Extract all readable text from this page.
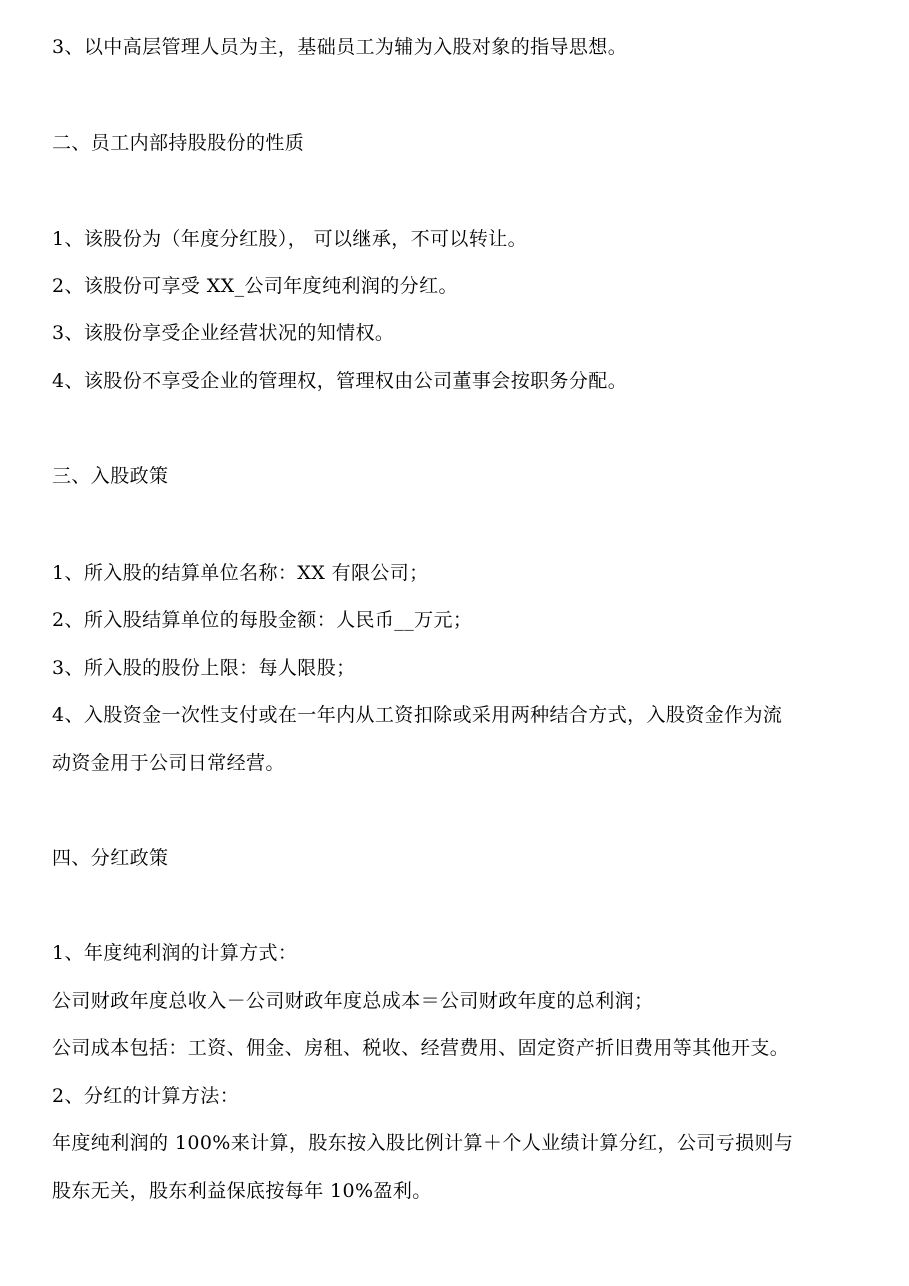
3、以中高层管理人员为主，基础员工为辅为入股对象的指导思想。
二、员工内部持股股份的性质
1、该股份为（年度分红股）， 可以继承，不可以转让。
2、该股份可享受 XX_公司年度纯利润的分红。
3、该股份享受企业经营状况的知情权。
4、该股份不享受企业的管理权，管理权由公司董事会按职务分配。
三、入股政策
1、所入股的结算单位名称：XX 有限公司；
2、所入股结算单位的每股金额：人民币__万元；
3、所入股的股份上限：每人限股；
4、入股资金一次性支付或在一年内从工资扣除或采用两种结合方式，入股资金作为流
动资金用于公司日常经营。
四、分红政策
1、年度纯利润的计算方式：
公司财政年度总收入－公司财政年度总成本＝公司财政年度的总利润；
公司成本包括：工资、佣金、房租、税收、经营费用、固定资产折旧费用等其他开支。
2、分红的计算方法：
年度纯利润的 100%来计算，股东按入股比例计算＋个人业绩计算分红，公司亏损则与
股东无关，股东利益保底按每年 10%盈利。
